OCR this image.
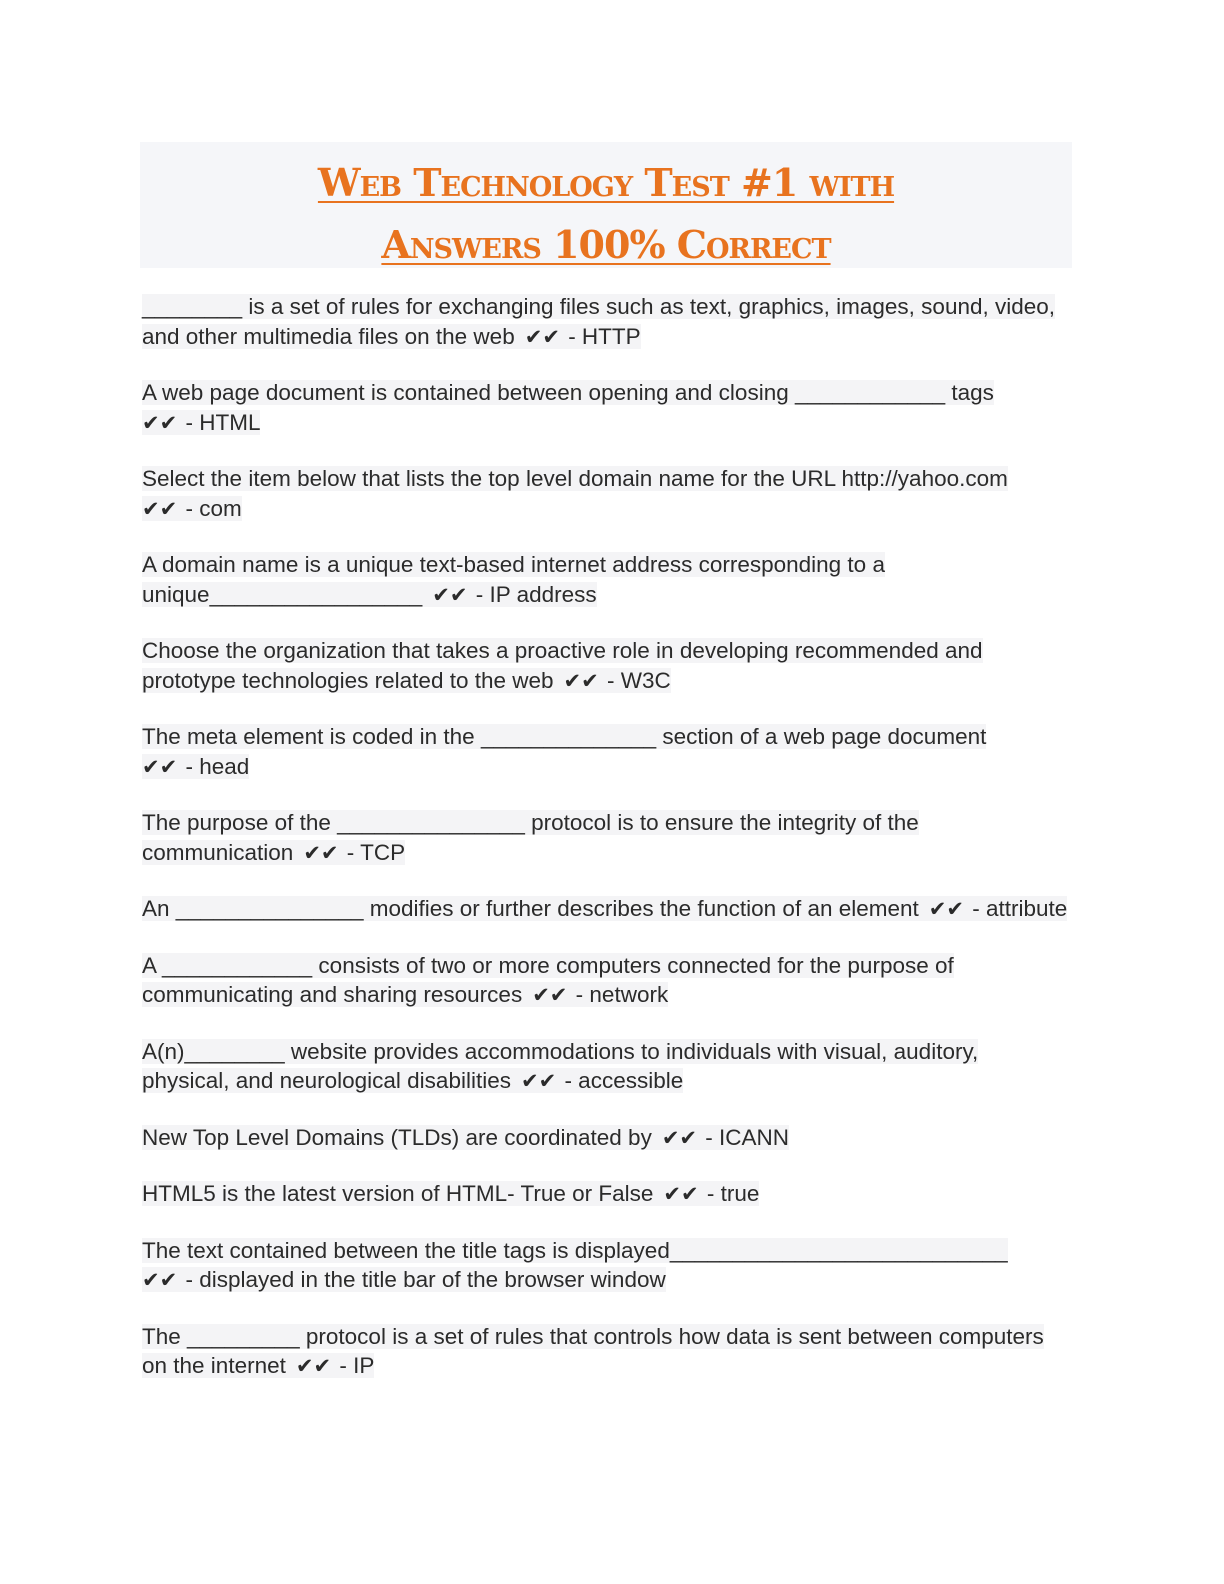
Web Technology Test #1 with
Answers 100% Correct

________ is a set of rules for exchanging files such as text, graphics, images, sound, video, and other multimedia files on the web ✔✔ - HTTP

A web page document is contained between opening and closing ____________ tags
✔✔ - HTML

Select the item below that lists the top level domain name for the URL http://yahoo.com
✔✔ - com

A domain name is a unique text-based internet address corresponding to a unique_________________ ✔✔ - IP address

Choose the organization that takes a proactive role in developing recommended and prototype technologies related to the web ✔✔ - W3C

The meta element is coded in the ______________ section of a web page document
✔✔ - head

The purpose of the _______________ protocol is to ensure the integrity of the communication ✔✔ - TCP

An _______________ modifies or further describes the function of an element ✔✔ - attribute

A ____________ consists of two or more computers connected for the purpose of communicating and sharing resources ✔✔ - network

A(n)________ website provides accommodations to individuals with visual, auditory, physical, and neurological disabilities ✔✔ - accessible

New Top Level Domains (TLDs) are coordinated by ✔✔ - ICANN

HTML5 is the latest version of HTML- True or False ✔✔ - true

The text contained between the title tags is displayed___________________________
✔✔ - displayed in the title bar of the browser window

The _________ protocol is a set of rules that controls how data is sent between computers on the internet ✔✔ - IP
